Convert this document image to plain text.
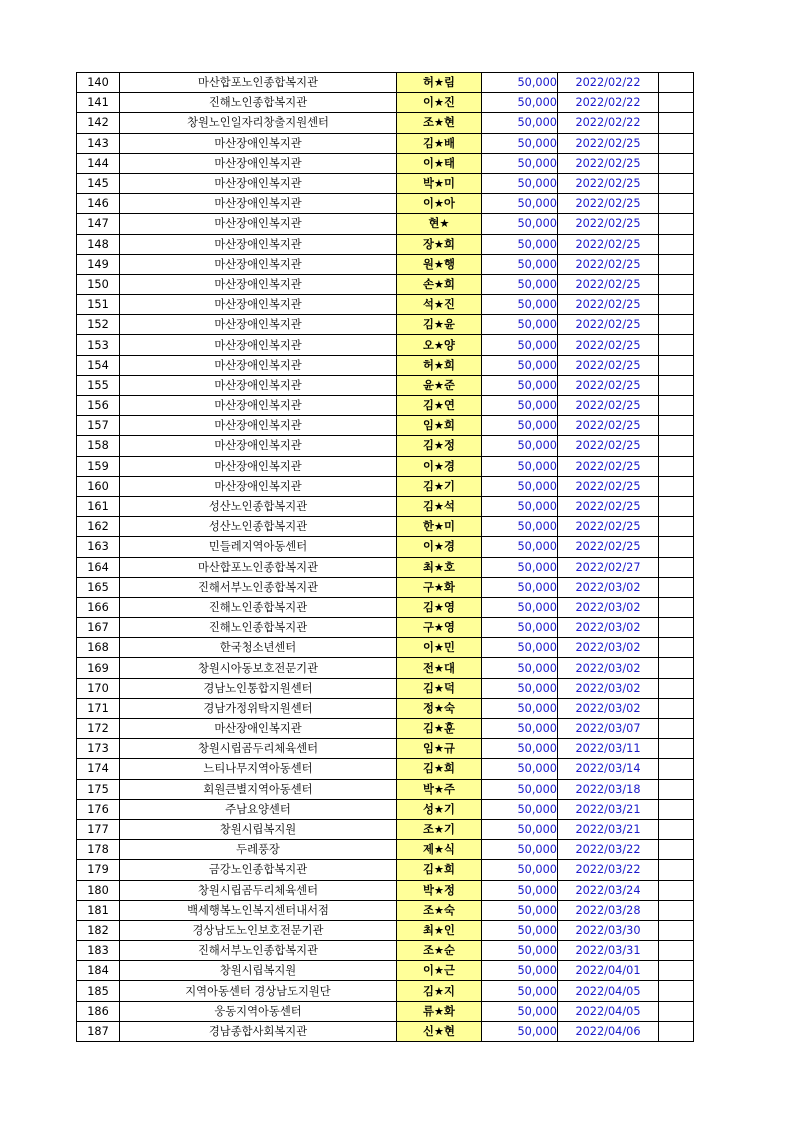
140	마산합포노인종합복지관	허★림	50,000	2022/02/22	
141	진해노인종합복지관	이★진	50,000	2022/02/22	
142	창원노인일자리창출지원센터	조★현	50,000	2022/02/22	
143	마산장애인복지관	김★배	50,000	2022/02/25	
144	마산장애인복지관	이★태	50,000	2022/02/25	
145	마산장애인복지관	박★미	50,000	2022/02/25	
146	마산장애인복지관	이★아	50,000	2022/02/25	
147	마산장애인복지관	현★	50,000	2022/02/25	
148	마산장애인복지관	장★희	50,000	2022/02/25	
149	마산장애인복지관	원★행	50,000	2022/02/25	
150	마산장애인복지관	손★희	50,000	2022/02/25	
151	마산장애인복지관	석★진	50,000	2022/02/25	
152	마산장애인복지관	김★윤	50,000	2022/02/25	
153	마산장애인복지관	오★양	50,000	2022/02/25	
154	마산장애인복지관	허★희	50,000	2022/02/25	
155	마산장애인복지관	윤★준	50,000	2022/02/25	
156	마산장애인복지관	김★연	50,000	2022/02/25	
157	마산장애인복지관	임★희	50,000	2022/02/25	
158	마산장애인복지관	김★정	50,000	2022/02/25	
159	마산장애인복지관	이★경	50,000	2022/02/25	
160	마산장애인복지관	김★기	50,000	2022/02/25	
161	성산노인종합복지관	김★석	50,000	2022/02/25	
162	성산노인종합복지관	한★미	50,000	2022/02/25	
163	민들레지역아동센터	이★경	50,000	2022/02/25	
164	마산합포노인종합복지관	최★호	50,000	2022/02/27	
165	진해서부노인종합복지관	구★화	50,000	2022/03/02	
166	진해노인종합복지관	김★영	50,000	2022/03/02	
167	진해노인종합복지관	구★영	50,000	2022/03/02	
168	한국청소년센터	이★민	50,000	2022/03/02	
169	창원시아동보호전문기관	전★대	50,000	2022/03/02	
170	경남노인통합지원센터	김★덕	50,000	2022/03/02	
171	경남가정위탁지원센터	정★숙	50,000	2022/03/02	
172	마산장애인복지관	김★훈	50,000	2022/03/07	
173	창원시립곰두리체육센터	임★규	50,000	2022/03/11	
174	느티나무지역아동센터	김★희	50,000	2022/03/14	
175	회원큰별지역아동센터	박★주	50,000	2022/03/18	
176	주남요양센터	성★기	50,000	2022/03/21	
177	창원시립복지원	조★기	50,000	2022/03/21	
178	두레풍장	제★식	50,000	2022/03/22	
179	금강노인종합복지관	김★희	50,000	2022/03/22	
180	창원시립곰두리체육센터	박★정	50,000	2022/03/24	
181	백세행복노인복지센터내서점	조★숙	50,000	2022/03/28	
182	경상남도노인보호전문기관	최★인	50,000	2022/03/30	
183	진해서부노인종합복지관	조★순	50,000	2022/03/31	
184	창원시립복지원	이★근	50,000	2022/04/01	
185	지역아동센터 경상남도지원단	김★지	50,000	2022/04/05	
186	웅동지역아동센터	류★화	50,000	2022/04/05	
187	경남종합사회복지관	신★현	50,000	2022/04/06	
